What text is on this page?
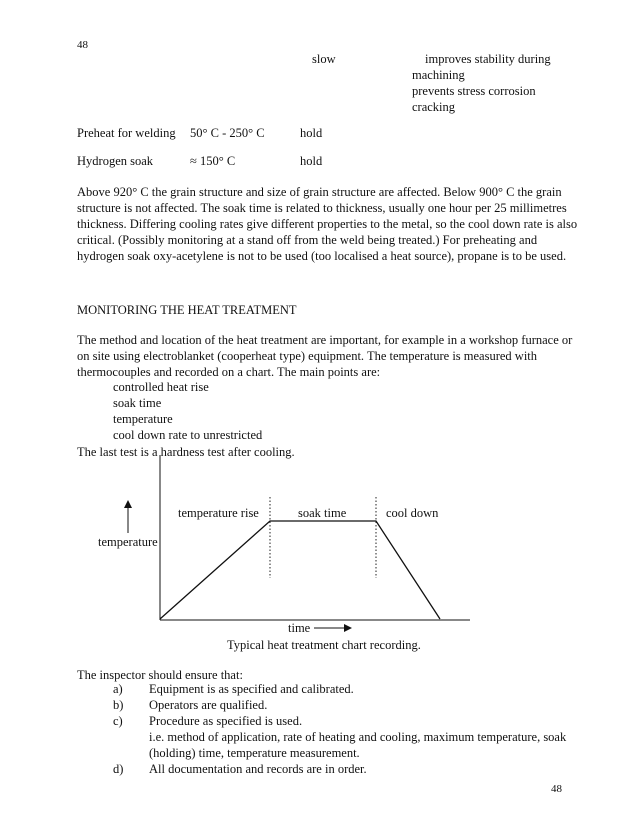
48
slow	improves stability during
machining
prevents stress corrosion
cracking
Preheat for welding 50° C - 250° C	hold
Hydrogen soak	≈ 150° C	hold
Above 920° C the grain structure and size of grain structure are affected. Below 900° C the grain
structure is not affected. The soak time is related to thickness, usually one hour per 25 millimetres
thickness. Differing cooling rates give different properties to the metal, so the cool down rate is also
critical. (Possibly monitoring at a stand off from the weld being treated.) For preheating and
hydrogen soak oxy-acetylene is not to be used (too localised a heat source), propane is to be used.
MONITORING THE HEAT TREATMENT
The method and location of the heat treatment are important, for example in a workshop furnace or
on site using electroblanket (cooperheat type) equipment. The temperature is measured with
thermocouples and recorded on a chart. The main points are:
controlled heat rise
soak time
temperature
cool down rate to unrestricted
The last test is a hardness test after cooling.
temperature rise	soak time	cool down
temperature
time
Typical heat treatment chart recording.
The inspector should ensure that:
a) Equipment is as specified and calibrated.
b) Operators are qualified.
c) Procedure as specified is used.
i.e. method of application, rate of heating and cooling, maximum temperature, soak
(holding) time, temperature measurement.
d) All documentation and records are in order.
48
